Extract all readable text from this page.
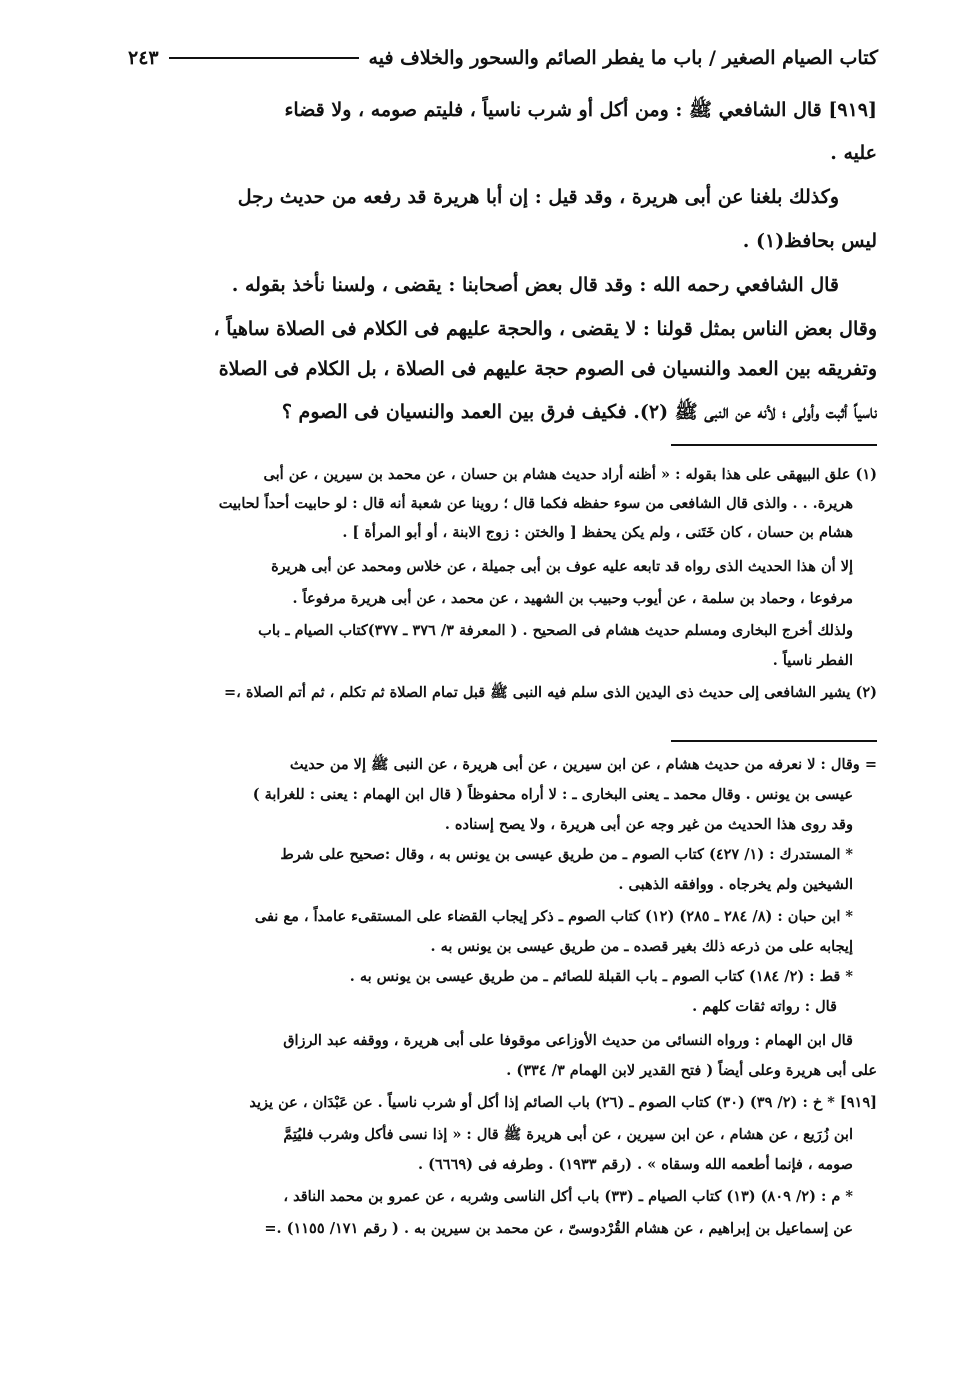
كتاب الصيام الصغير / باب ما يفطر الصائم والسحور والخلاف فيه
٢٤٣
[٩١٩] قال الشافعي ﷺ : ومن أكل أو شرب ناسياً ، فليتم صومه ، ولا قضاء
عليه .
وكذلك بلغنا عن أبى هريرة ، وقد قيل : إن أبا هريرة قد رفعه من حديث رجل
ليس بحافظ(١) .
قال الشافعي رحمه الله : وقد قال بعض أصحابنا : يقضى ، ولسنا نأخذ بقوله .
وقال بعض الناس بمثل قولنا : لا يقضى ، والحجة عليهم فى الكلام فى الصلاة ساهياً ،
وتفريقه بين العمد والنسيان فى الصوم حجة عليهم فى الصلاة ، بل الكلام فى الصلاة
ناسياً أثبت وأولى ؛ لأنه عن النبى ﷺ (٢). فكيف فرق بين العمد والنسيان فى الصوم ؟
(١) علق البيهقى على هذا بقوله : « أظنه أراد حديث هشام بن حسان ، عن محمد بن سيرين ، عن أبى
هريرة. . . والذى قال الشافعى من سوء حفظه فكما قال ؛ روينا عن شعبة أنه قال : لو حابيت أحداً لحابيت
هشام بن حسان ، كان خَتَنى ، ولم يكن يحفظ [ والختن : زوج الابنة ، أو أبو المرأة ] .
إلا أن هذا الحديث الذى رواه قد تابعه عليه عوف بن أبى جميلة ، عن خلاس ومحمد عن أبى هريرة
مرفوعا ، وحماد بن سلمة ، عن أيوب وحبيب بن الشهيد ، عن محمد ، عن أبى هريرة مرفوعاً .
ولذلك أخرج البخارى ومسلم حديث هشام فى الصحيح . ( المعرفة ٣/ ٣٧٦ ـ ٣٧٧)كتاب الصيام ـ باب
الفطر ناسياً .
(٢) يشير الشافعى إلى حديث ذى اليدين الذى سلم فيه النبى ﷺ قبل تمام الصلاة ثم تكلم ، ثم أتم الصلاة ،=
= وقال : لا نعرفه من حديث هشام ، عن ابن سيرين ، عن أبى هريرة ، عن النبى ﷺ إلا من حديث
عيسى بن يونس . وقال محمد ـ يعنى البخارى ـ : لا أراه محفوظاً ( قال ابن الهمام : يعنى : للغرابة )
وقد روى هذا الحديث من غير وجه عن أبى هريرة ، ولا يصح إسناده .
* المستدرك : (١/ ٤٢٧) كتاب الصوم ـ من طريق عيسى بن يونس به ، وقال :صحيح على شرط
الشيخين ولم يخرجاه . ووافقه الذهبى .
* ابن حبان : (٨/ ٢٨٤ ـ ٢٨٥) (١٢) كتاب الصوم ـ ذكر إيجاب القضاء على المستقىء عامداً ، مع نفى
إيجابه على من ذرعه ذلك بغير قصده ـ من طريق عيسى بن يونس به .
* قط : (٢/ ١٨٤) كتاب الصوم ـ باب القبلة للصائم ـ من طريق عيسى بن يونس به .
قال : رواته ثقات كلهم .
قال ابن الهمام : ورواه النسائى من حديث الأوزاعى موقوفا على أبى هريرة ، ووقفه عبد الرزاق
على أبى هريرة وعلى أيضاً ( فتح القدير لابن الهمام ٣/ ٣٣٤) .
[٩١٩] * خ : (٢/ ٣٩) (٣٠) كتاب الصوم ـ (٢٦) باب الصائم إذا أكل أو شرب ناسياً . عن عَبْدَان ، عن يزيد
ابن زُرَيع ، عن هشام ، عن ابن سيرين ، عن أبى هريرة ﷺ قال : « إذا نسى فأكل وشرب فليُتِمَّ
صومه ، فإنما أطعمه الله وسقاه » . (رقم ١٩٣٣) . وطرفه فى (٦٦٦٩) .
* م : (٢/ ٨٠٩) (١٣) كتاب الصيام ـ (٣٣) باب أكل الناسى وشربه ، عن عمرو بن محمد الناقد ،
عن إسماعيل بن إبراهيم ، عن هشام القُرْدوسىّ ، عن محمد بن سيرين به . ( رقم ١٧١/ ١١٥٥) .=
